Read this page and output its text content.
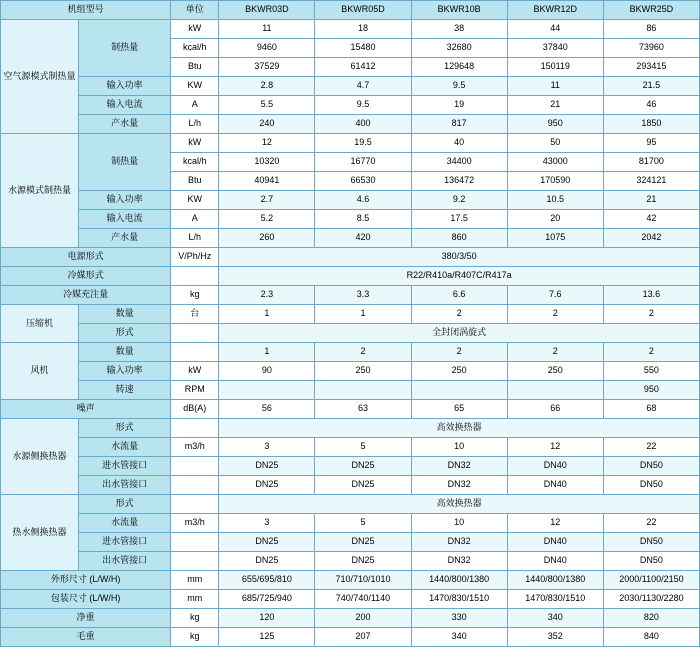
机组型号		单位	BKWR03D	BKWR05D	BKWR10B	BKWR12D	BKWR25D
空气源模式制热量	制热量	kW	11	18	38	44	86
		kcal/h	9460	15480	32680	37840	73960
		Btu	37529	61412	129648	150119	293415
	输入功率	KW	2.8	4.7	9.5	11	21.5
	输入电流	A	5.5	9.5	19	21	46
	产水量	L/h	240	400	817	950	1850
水源模式制热量	制热量	kW	12	19.5	40	50	95
		kcal/h	10320	16770	34400	43000	81700
		Btu	40941	66530	136472	170590	324121
	输入功率	KW	2.7	4.6	9.2	10.5	21
	输入电流	A	5.2	8.5	17.5	20	42
	产水量	L/h	260	420	860	1075	2042
电源形式		V/Ph/Hz	380/3/50				
冷媒形式			R22/R410a/R407C/R417a				
冷媒充注量		kg	2.3	3.3	6.6	7.6	13.6
压缩机	数量	台	1	1	2	2	2
	形式		全封闭涡旋式				
风机	数量		1	2	2	2	2
	输入功率	kW	90	250	250	250	550
	转速	RPM					950
噪声		dB(A)	56	63	65	66	68
水源侧换热器	形式		高效换热器				
	水流量	m3/h	3	5	10	12	22
	进水管接口		DN25	DN25	DN32	DN40	DN50
	出水管接口		DN25	DN25	DN32	DN40	DN50
热水侧换热器	形式		高效换热器				
	水流量	m3/h	3	5	10	12	22
	进水管接口		DN25	DN25	DN32	DN40	DN50
	出水管接口		DN25	DN25	DN32	DN40	DN50
外形尺寸 (L/W/H)		mm	655/695/810	710/710/1010	1440/800/1380	1440/800/1380	2000/1100/2150
包装尺寸 (L/W/H)		mm	685/725/940	740/740/1140	1470/830/1510	1470/830/1510	2030/1130/2280
净重		kg	120	200	330	340	820
毛重		kg	125	207	340	352	840
